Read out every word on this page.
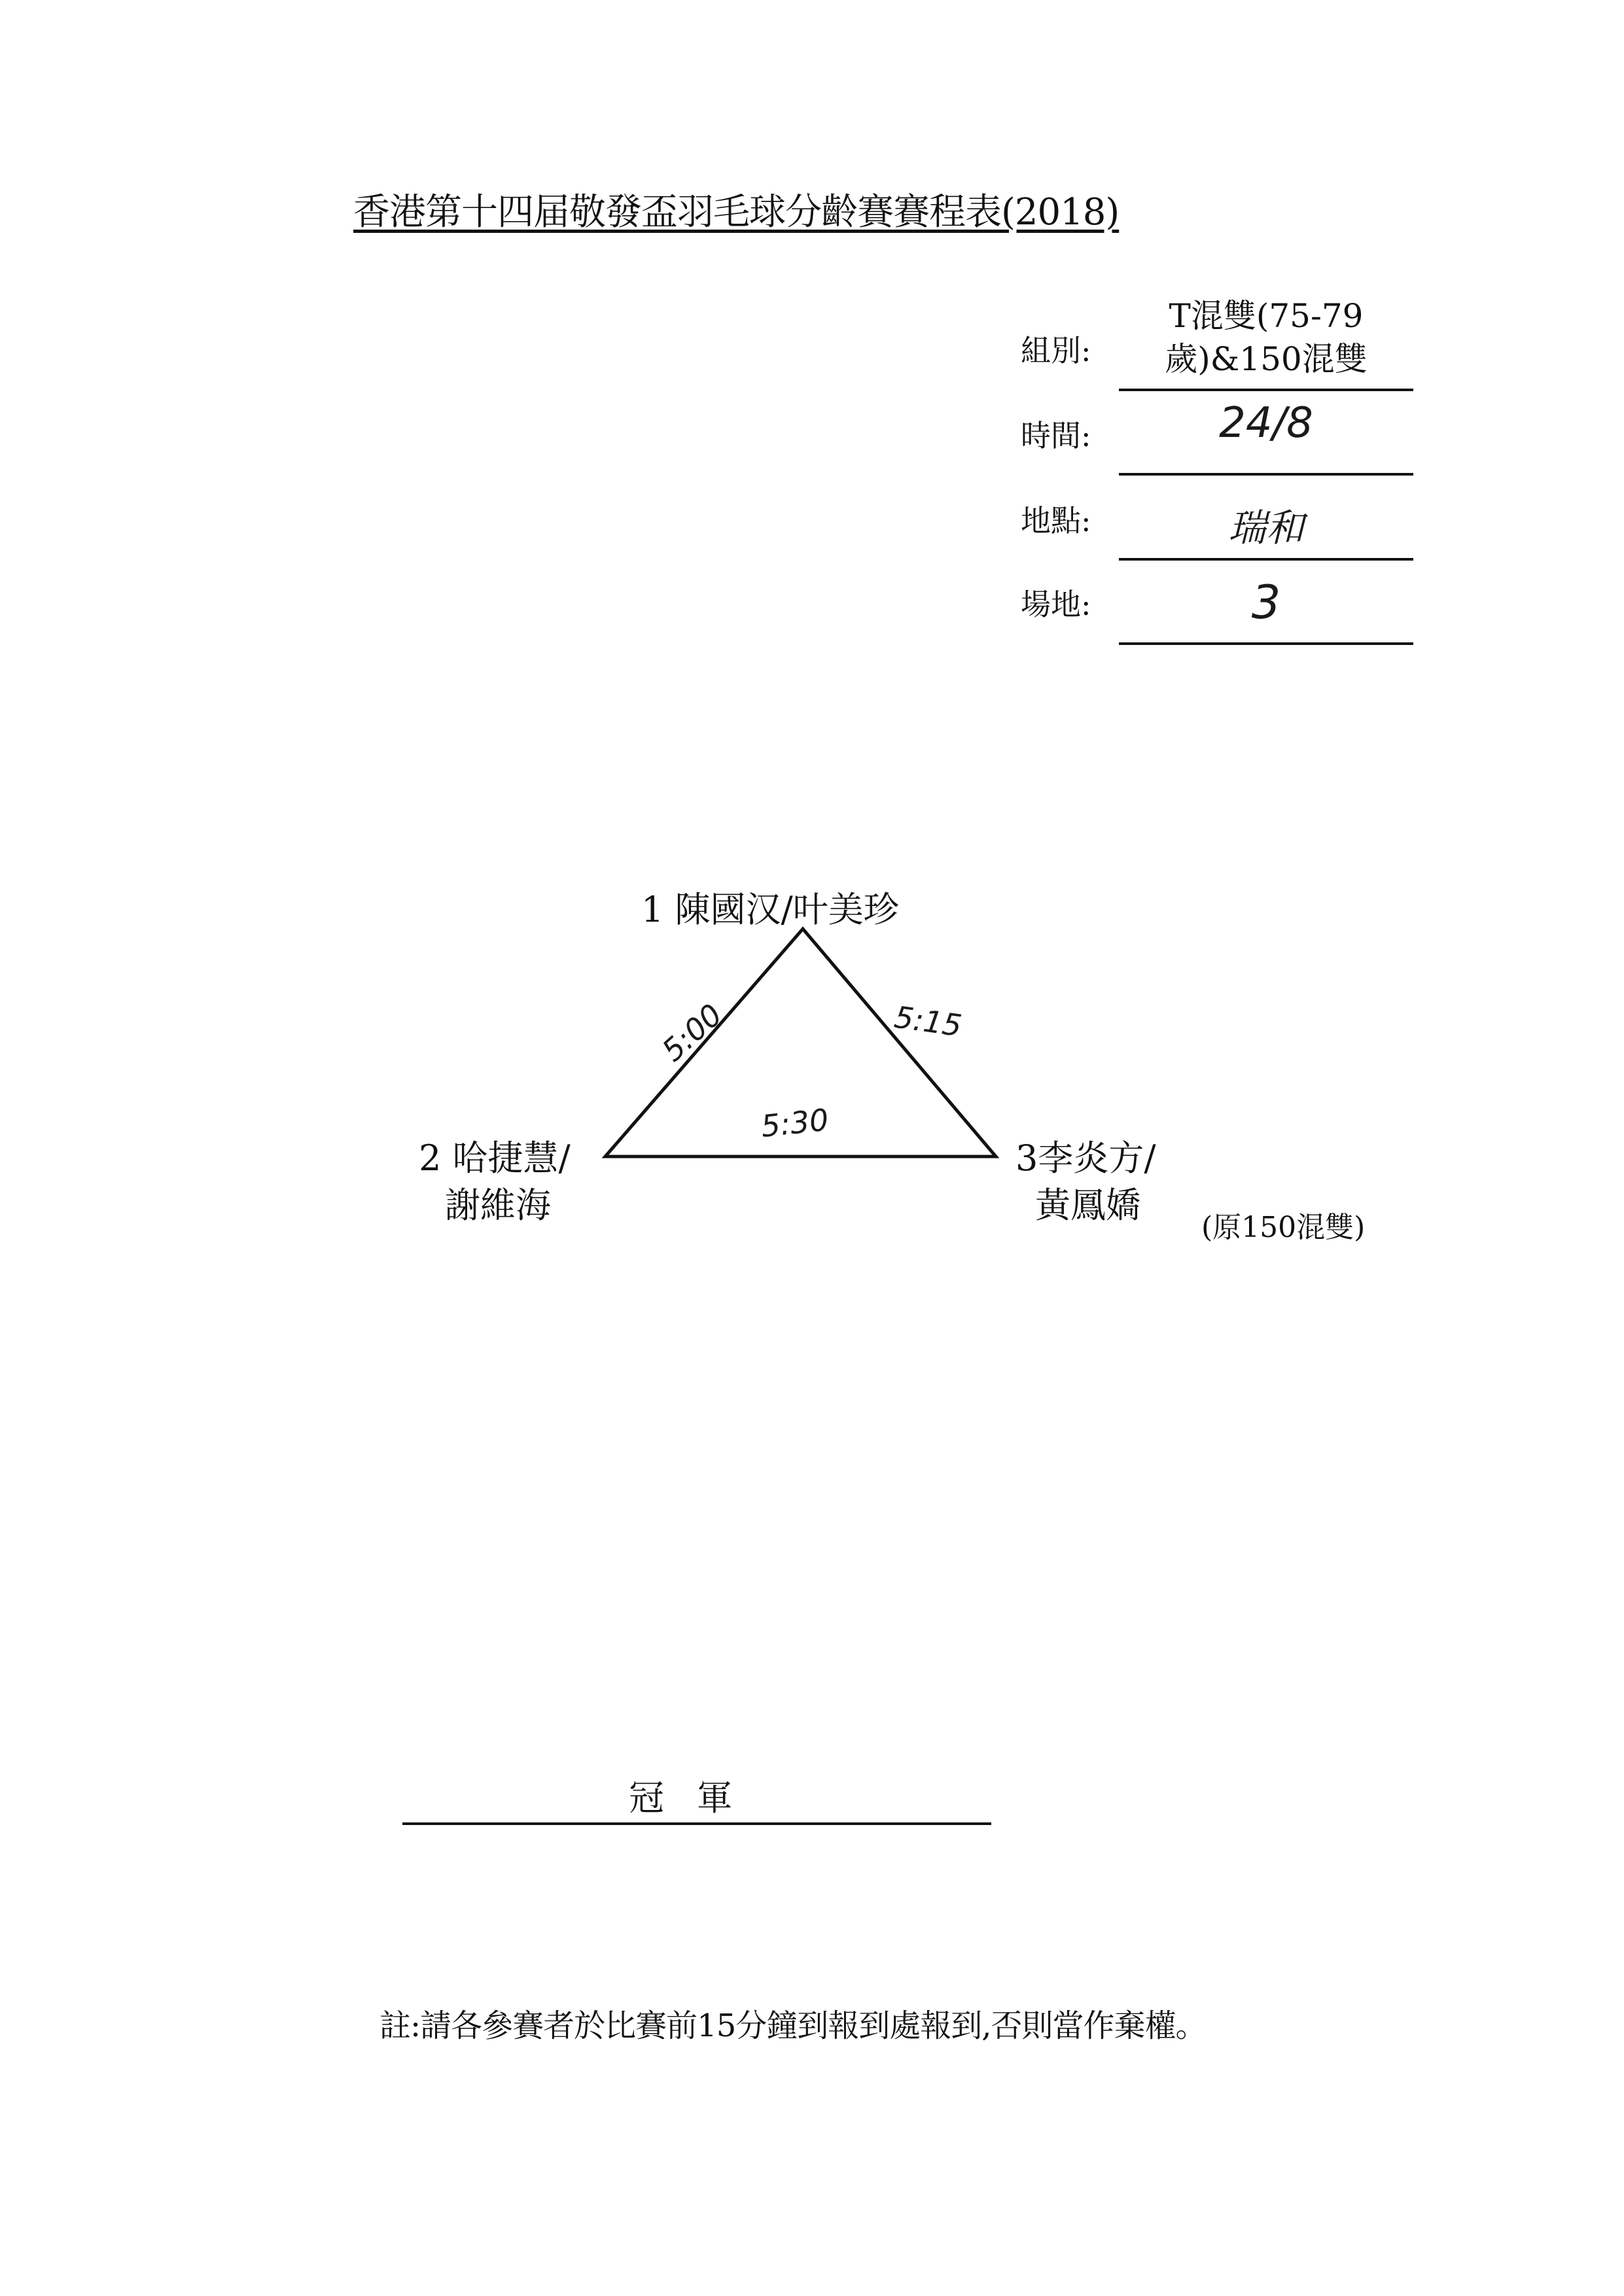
香港第十四届敬發盃羽毛球分齡賽賽程表(2018)
組別:
T混雙(75-79
歲)&150混雙
時間:	24/8
地點:	瑞和
場地:	3
5:00	5:15
5:30
1 陳國汉/叶美珍
2 哈捷慧/
謝維海
3李炎方/
黃鳳嬌
(原150混雙)
冠軍
註:請各參賽者於比賽前15分鐘到報到處報到,否則當作棄權。
